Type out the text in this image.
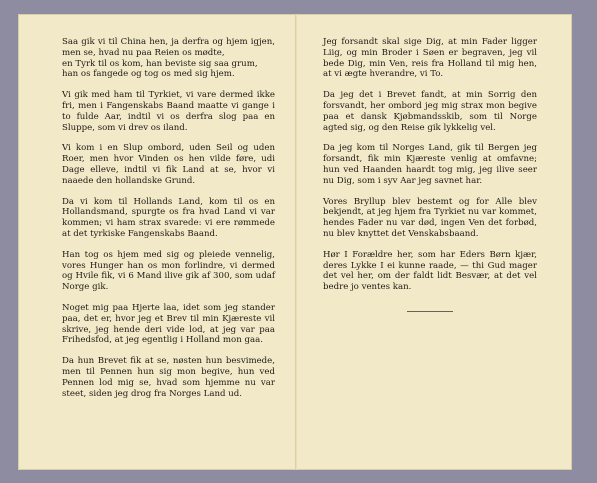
Saa gik vi til China hen, ja derfra og hjem igjen, men se, hvad nu paa Reien os mødte,
en Tyrk til os kom, han beviste sig saa grum,
han os fangede og tog os med sig hjem.

Vi gik med ham til Tyrkiet, vi vare dermed ikke fri, men i Fangenskabs Baand maatte vi gange i to fulde Aar, indtil vi os derfra slog paa en Sluppe, som vi drev os iland.

Vi kom i en Slup ombord, uden Seil og uden Roer, men hvor Vinden os hen vilde føre, udi Dage elleve, indtil vi fik Land at se, hvor vi naaede den hollandske Grund.

Da vi kom til Hollands Land, kom til os en Hollandsmand, spurgte os fra hvad Land vi var kommen; vi ham strax svarede: vi ere rømmede at det tyrkiske Fangenskabs Baand.

Han tog os hjem med sig og pleiede vennelig, vores Hunger han os mon forlindre, vi dermed og Hvile fik, vi 6 Mand ilive gik af 300, som udaf Norge gik.

Noget mig paa Hjerte laa, idet som jeg stander paa, det er, hvor jeg et Brev til min Kjæreste vil skrive, jeg hende deri vide lod, at jeg var paa Frihedsfod, at jeg egentlig i Holland mon gaa.

Da hun Brevet fik at se, nøsten hun besvimede, men til Pennen hun sig mon begive, hun ved Pennen lod mig se, hvad som hjemme nu var steet, siden jeg drog fra Norges Land ud.

Jeg forsandt skal sige Dig, at min Fader ligger Liig, og min Broder i Søen er begraven, jeg vil bede Dig, min Ven, reis fra Holland til mig hen, at vi ægte hverandre, vi To.

Da jeg det i Brevet fandt, at min Sorrig den forsvandt, her ombord jeg mig strax mon begive paa et dansk Kjøbmandsskib, som til Norge agted sig, og den Reise gik lykkelig vel.

Da jeg kom til Norges Land, gik til Bergen jeg forsandt, fik min Kjæreste venlig at omfavne; hun ved Haanden haardt tog mig, jeg ilive seer nu Dig, som i syv Aar jeg savnet har.

Vores Bryllup blev bestemt og for Alle blev bekjendt, at jeg hjem fra Tyrkiet nu var kommet, hendes Fader nu var død, ingen Ven det forbød, nu blev knyttet det Venskabsbaand.

Hør I Forældre her, som har Eders Børn kjær, deres Lykke I ei kunne raade, — thi Gud mager det vel her, om der faldt lidt Besvær, at det vel bedre jo ventes kan.
